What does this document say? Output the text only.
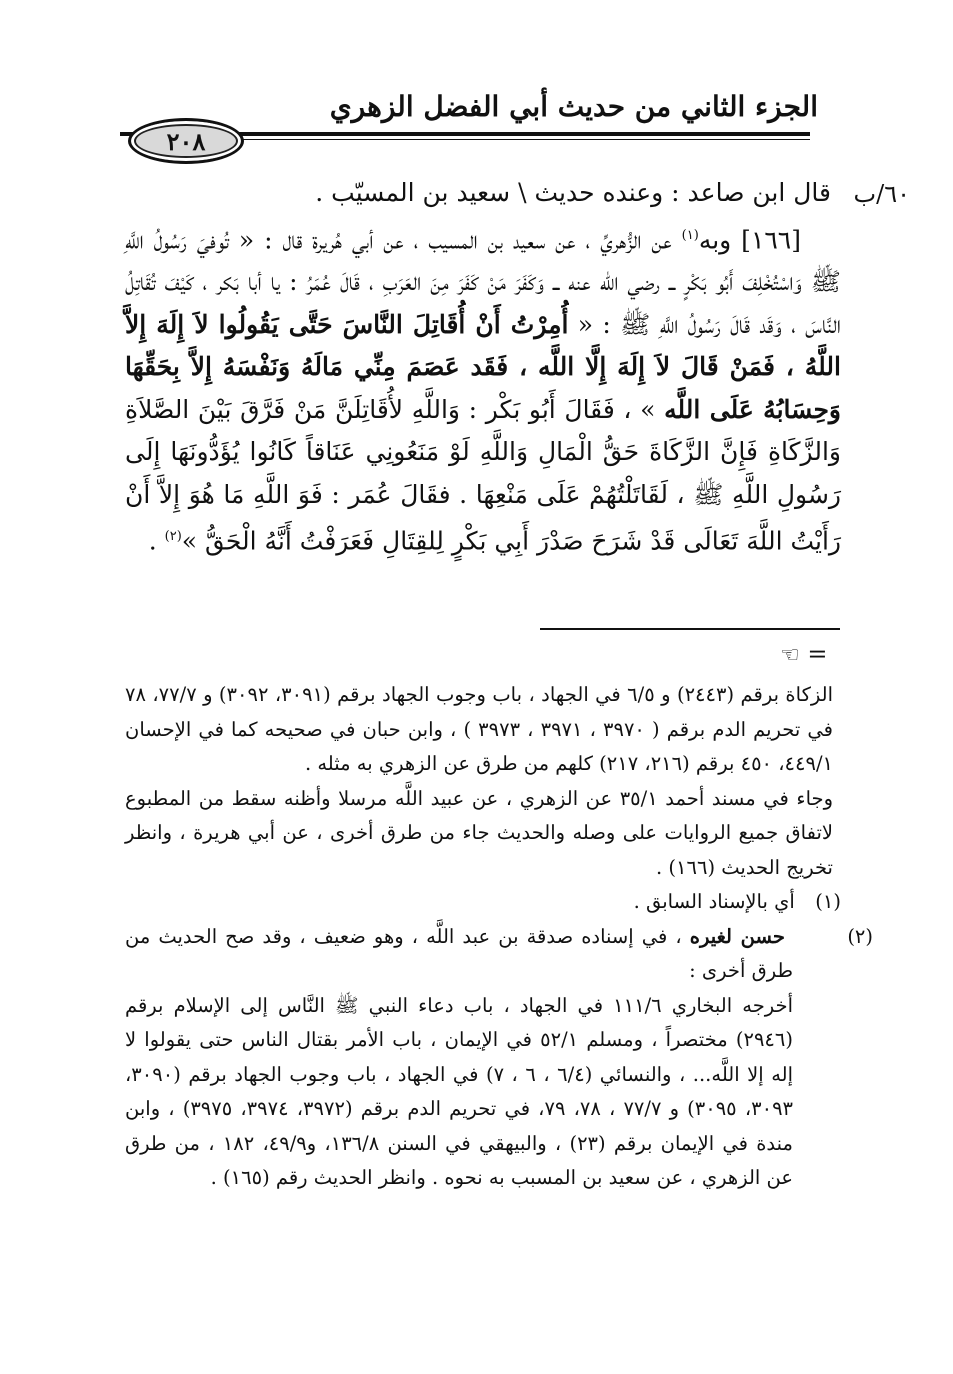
الجزء الثاني من حديث أبي الفضل الزهري
٢٠٨
٦٠/ب

قال ابن صاعد : وعنده حديث \ سعيد بن المسيّب .

[١٦٦] وبه$^{(١)}$ عن الزُّهريِّ ، عن سعيد بن المسيب ، عن أبي هُريرة قال : « تُوفيَ رَسُولُ اللَّهِ ﷺ وَاسْتُخْلِفَ أَبُو بَكْرٍ ــ رضي الله عنه ــ وَكَفَرَ مَنْ كَفَرَ مِنَ العَرَبِ ، قَالَ عُمَرُ : يا أبا بَكر ، كَيْفَ تُقَاتِلُ النَّاسَ ، وَقَد قَالَ رَسُولُ اللَّهِ ﷺ : « أُمِرْتُ أَنْ أُقَاتِلَ النَّاسَ حَتَّى يَقُولُوا لاَ إِلَهَ إِلاَّ اللَّهُ ، فَمَنْ قَالَ لاَ إِلَهَ إِلَّا اللَّه ، فَقَد عَصَمَ مِنِّي مَالَهُ وَنَفْسَهُ إِلاَّ بِحَقِّهَا وَحِسَابُهُ عَلَى اللَّه » ، فَقَالَ أَبُو بَكْر : وَاللَّهِ لأُقَاتِلَنَّ مَنْ فَرَّقَ بَيْنَ الصَّلاَةِ وَالزَّكَاةِ فَإِنَّ الزَّكَاةَ حَقُّ الْمَالِ وَاللَّهِ لَوْ مَنَعُونِي عَنَاقاً كَانُوا يُؤَدُّونَهَا إِلَى رَسُولِ اللَّهِ ﷺ ، لَقَاتَلْتُهُمْ عَلَى مَنْعِهَا . فقَالَ عُمَر : فَوَ اللَّهِ مَا هُوَ إِلاَّ أَنْ رَأَيْتُ اللَّهَ تَعَالَى قَدْ شَرَحَ صَدْرَ أَبِي بَكْرٍ لِلقِتَالِ فَعَرَفْتُ أَنَّهُ الْحَقُّ »$^{(٢)}$ .

= ☞

الزكاة برقم (٢٤٤٣) و ٦/٥ في الجهاد ، باب وجوب الجهاد برقم (٣٠٩١، ٣٠٩٢) و ٧٧/٧، ٧٨ في تحريم الدم برقم ( ٣٩٧٠ ، ٣٩٧١ ، ٣٩٧٣ ) ، وابن حبان في صحيحه كما في الإحسان ٤٤٩/١، ٤٥٠ برقم (٢١٦، ٢١٧) كلهم من طرق عن الزهري به مثله .

وجاء في مسند أحمد ٣٥/١ عن الزهري ، عن عبيد اللَّه مرسلا وأظنه سقط من المطبوع لاتفاق جميع الروايات على وصله والحديث جاء من طرق أخرى ، عن أبي هريرة ، وانظر تخريج الحديث (١٦٦) .

(١) أي بالإسناد السابق .

(٢) حسن لغيره ، في إسناده صدقة بن عبد اللَّه ، وهو ضعيف ، وقد صح الحديث من طرق أخرى :

أخرجه البخاري ١١١/٦ في الجهاد ، باب دعاء النبي ﷺ النَّاس إلى الإسلام برقم (٢٩٤٦) مختصراً ، ومسلم ٥٢/١ في الإيمان ، باب الأمر بقتال الناس حتى يقولوا لا إله إلا اللَّه... ، والنسائي (٦/٤ ، ٦ ، ٧) في الجهاد ، باب وجوب الجهاد برقم (٣٠٩٠، ٣٠٩٣، ٣٠٩٥) و ٧٧/٧ ، ٧٨، ٧٩، في تحريم الدم برقم (٣٩٧٢، ٣٩٧٤، ٣٩٧٥) ، وابن مندة في الإيمان برقم (٢٣) ، والبيهقي في السنن ١٣٦/٨، و٤٩/٩، ١٨٢ ، من طرق عن الزهري ، عن سعيد بن المسبب به نحوه . وانظر الحديث رقم (١٦٥) .
